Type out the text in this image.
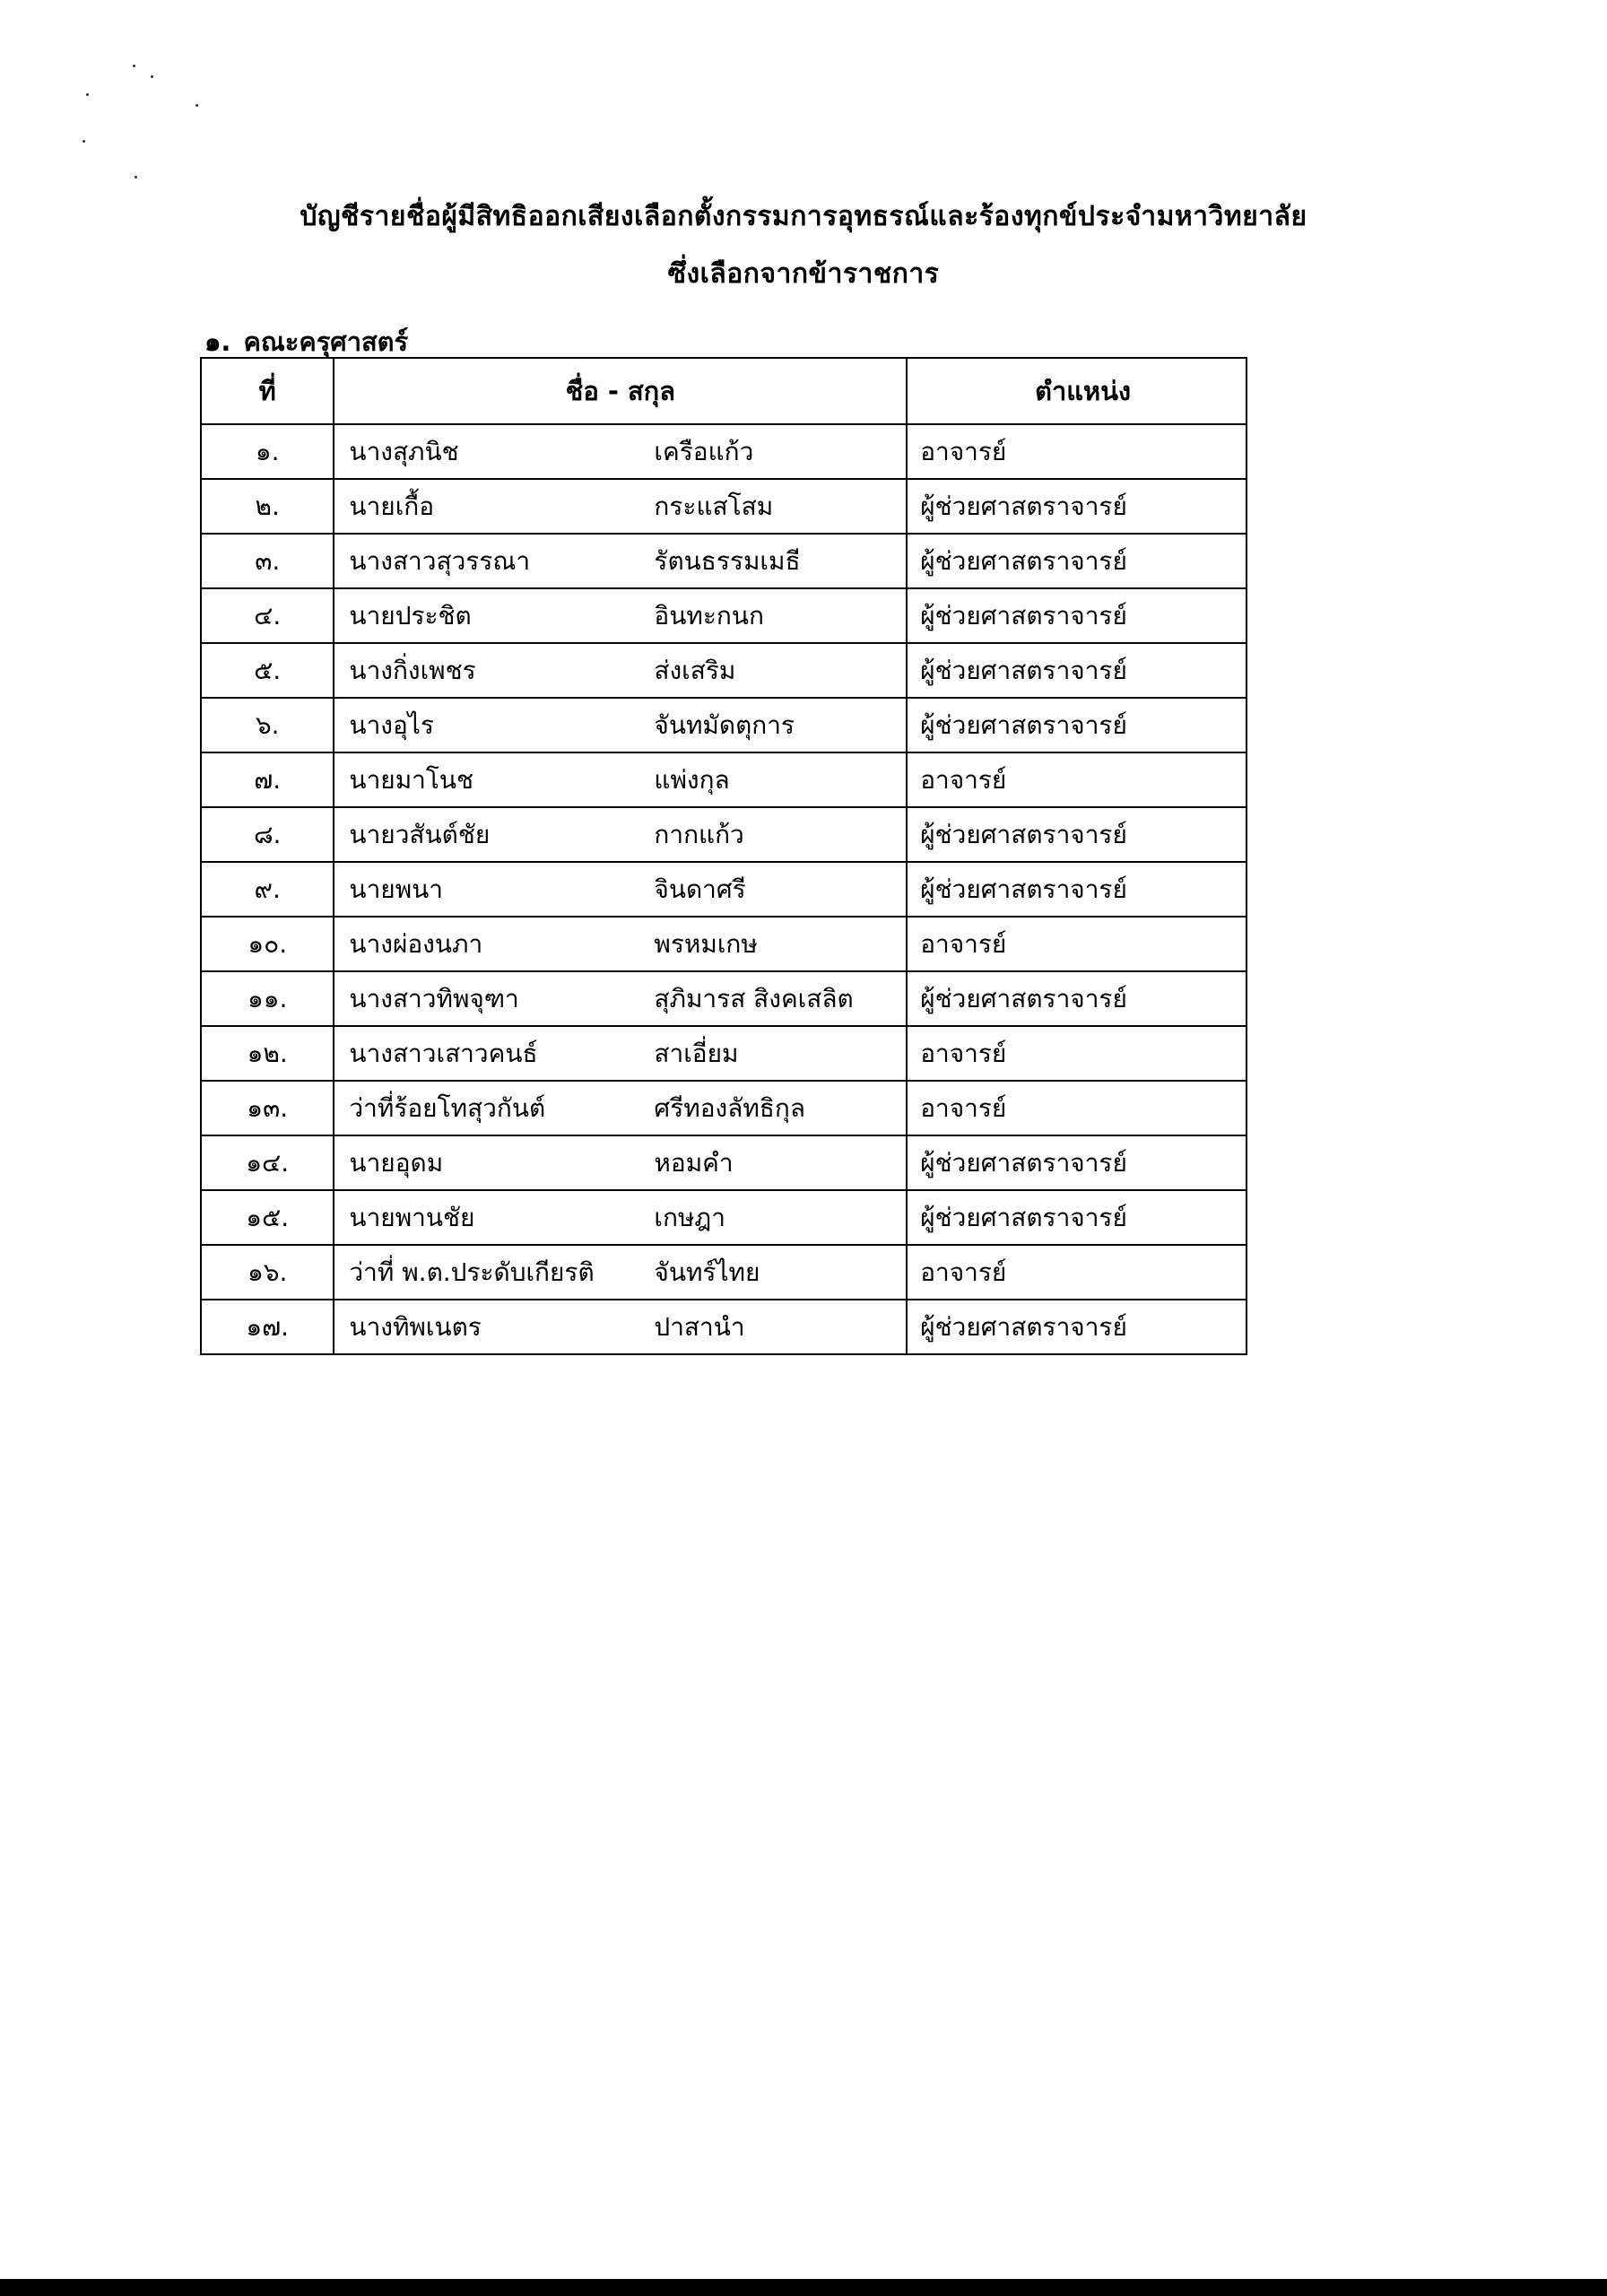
บัญชีรายชื่อผู้มีสิทธิออกเสียงเลือกตั้งกรรมการอุทธรณ์และร้องทุกข์ประจำมหาวิทยาลัย
ซึ่งเลือกจากข้าราชการ
๑. คณะครุศาสตร์
ที่	ชื่อ - สกุล	ตำแหน่ง
๑.	นางสุภนิช เครือแก้ว	อาจารย์
๒.	นายเกื้อ กระแสโสม	ผู้ช่วยศาสตราจารย์
๓.	นางสาวสุวรรณา รัตนธรรมเมธี	ผู้ช่วยศาสตราจารย์
๔.	นายประชิต อินทะกนก	ผู้ช่วยศาสตราจารย์
๕.	นางกิ่งเพชร ส่งเสริม	ผู้ช่วยศาสตราจารย์
๖.	นางอุไร จันทมัดตุการ	ผู้ช่วยศาสตราจารย์
๗.	นายมาโนช แพ่งกุล	อาจารย์
๘.	นายวสันต์ชัย กากแก้ว	ผู้ช่วยศาสตราจารย์
๙.	นายพนา จินดาศรี	ผู้ช่วยศาสตราจารย์
๑๐.	นางผ่องนภา พรหมเกษ	อาจารย์
๑๑.	นางสาวทิพจุฑา สุภิมารส สิงคเสลิต	ผู้ช่วยศาสตราจารย์
๑๒.	นางสาวเสาวคนธ์ สาเอี่ยม	อาจารย์
๑๓.	ว่าที่ร้อยโทสุวกันต์ ศรีทองลัทธิกุล	อาจารย์
๑๔.	นายอุดม หอมคำ	ผู้ช่วยศาสตราจารย์
๑๕.	นายพานชัย เกษฎา	ผู้ช่วยศาสตราจารย์
๑๖.	ว่าที่ พ.ต.ประดับเกียรติ จันทร์ไทย	อาจารย์
๑๗.	นางทิพเนตร ปาสานำ	ผู้ช่วยศาสตราจารย์
